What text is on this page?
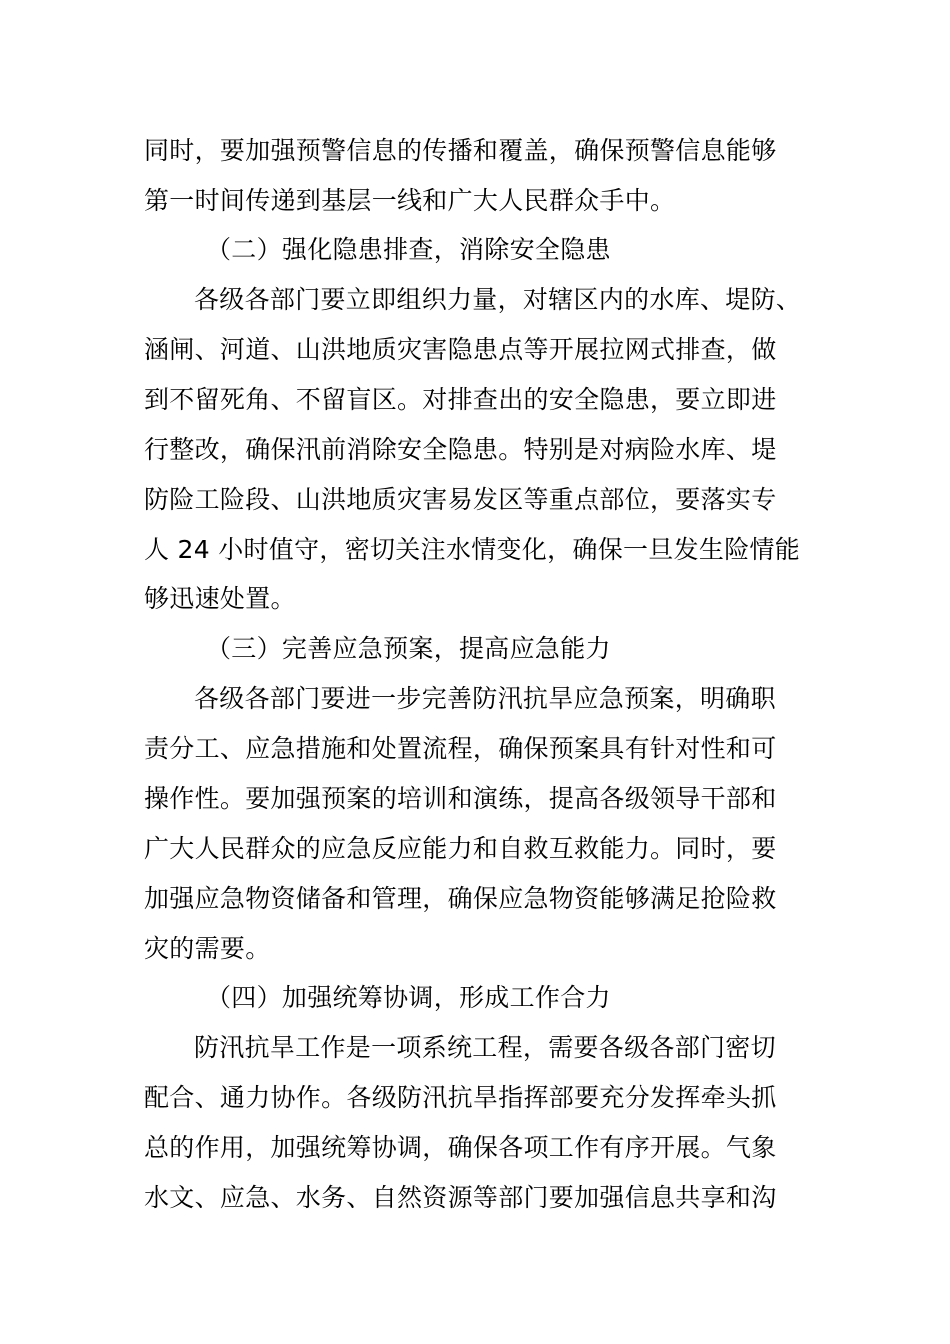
同时，要加强预警信息的传播和覆盖，确保预警信息能够
第一时间传递到基层一线和广大人民群众手中。
（二）强化隐患排查，消除安全隐患
各级各部门要立即组织力量，对辖区内的水库、堤防、
涵闸、河道、山洪地质灾害隐患点等开展拉网式排查，做
到不留死角、不留盲区。对排查出的安全隐患，要立即进
行整改，确保汛前消除安全隐患。特别是对病险水库、堤
防险工险段、山洪地质灾害易发区等重点部位，要落实专
人 24 小时值守，密切关注水情变化，确保一旦发生险情能
够迅速处置。
（三）完善应急预案，提高应急能力
各级各部门要进一步完善防汛抗旱应急预案，明确职
责分工、应急措施和处置流程，确保预案具有针对性和可
操作性。要加强预案的培训和演练，提高各级领导干部和
广大人民群众的应急反应能力和自救互救能力。同时，要
加强应急物资储备和管理，确保应急物资能够满足抢险救
灾的需要。
（四）加强统筹协调，形成工作合力
防汛抗旱工作是一项系统工程，需要各级各部门密切
配合、通力协作。各级防汛抗旱指挥部要充分发挥牵头抓
总的作用，加强统筹协调，确保各项工作有序开展。气象
水文、应急、水务、自然资源等部门要加强信息共享和沟
